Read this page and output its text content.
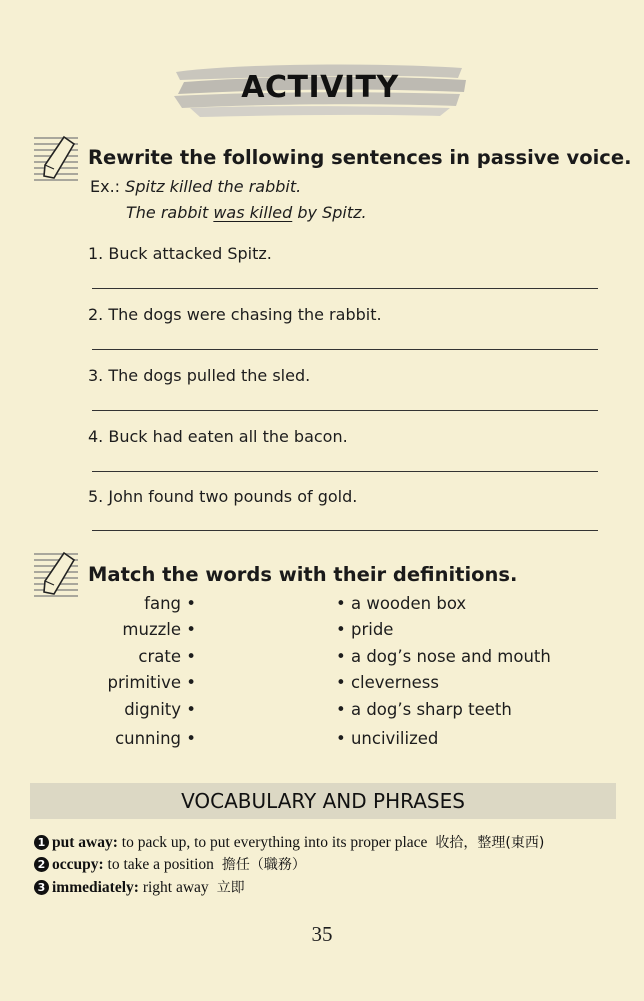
ACTIVITY
Rewrite the following sentences in passive voice.
Ex.: Spitz killed the rabbit.
The rabbit was killed by Spitz.
1. Buck attacked Spitz.
2. The dogs were chasing the rabbit.
3. The dogs pulled the sled.
4. Buck had eaten all the bacon.
5. John found two pounds of gold.
Match the words with their definitions.
fang •
muzzle •
crate •
primitive •
dignity •
cunning •
• a wooden box
• pride
• a dog’s nose and mouth
• cleverness
• a dog’s sharp teeth
• uncivilized
VOCABULARY AND PHRASES
1 put away: to pack up, to put everything into its proper place 收拾，整理(東西)
2 occupy: to take a position 擔任（職務）
3 immediately: right away 立即
35
